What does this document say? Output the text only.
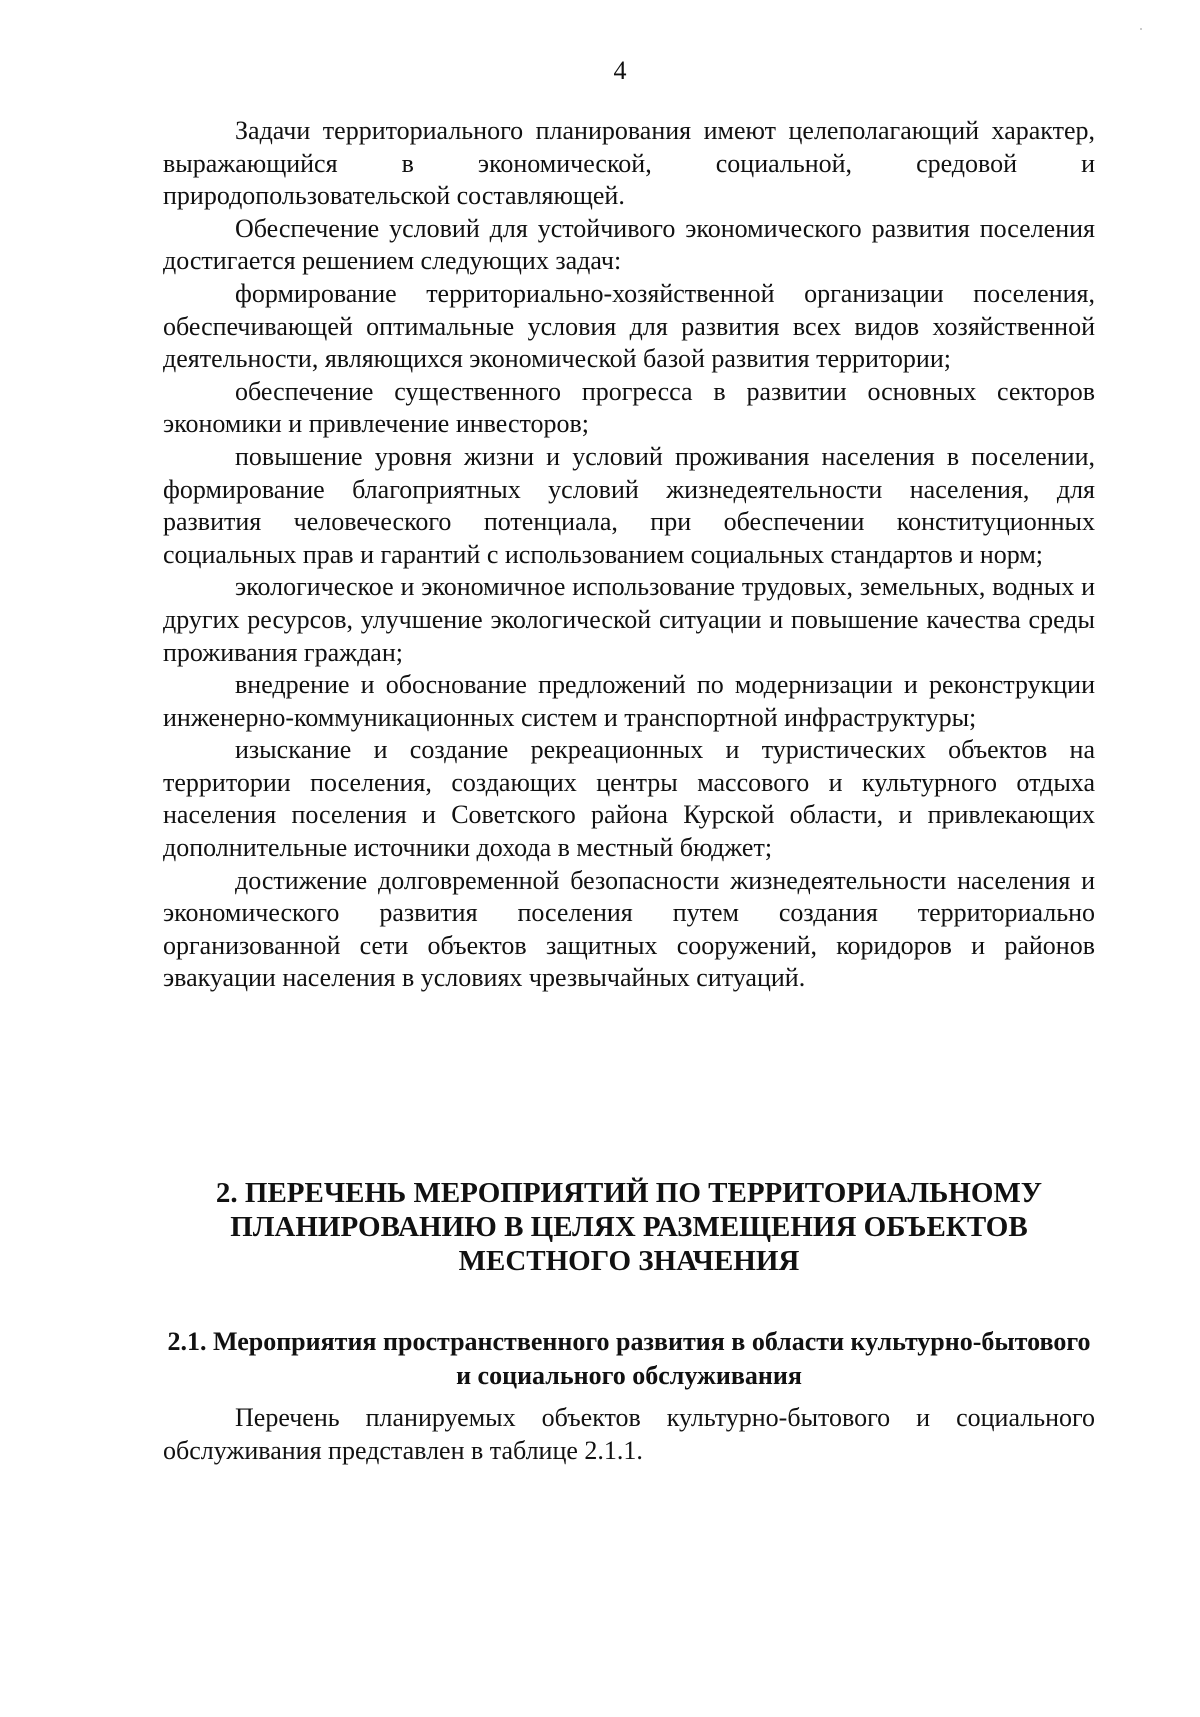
4

Задачи территориального планирования имеют целеполагающий характер, выражающийся в экономической, социальной, средовой и природопользовательской составляющей.

Обеспечение условий для устойчивого экономического развития поселения достигается решением следующих задач:

формирование территориально-хозяйственной организации поселения, обеспечивающей оптимальные условия для развития всех видов хозяйственной деятельности, являющихся экономической базой развития территории;

обеспечение существенного прогресса в развитии основных секторов экономики и привлечение инвесторов;

повышение уровня жизни и условий проживания населения в поселении, формирование благоприятных условий жизнедеятельности населения, для развития человеческого потенциала, при обеспечении конституционных социальных прав и гарантий с использованием социальных стандартов и норм;

экологическое и экономичное использование трудовых, земельных, водных и других ресурсов, улучшение экологической ситуации и повышение качества среды проживания граждан;

внедрение и обоснование предложений по модернизации и реконструкции инженерно-коммуникационных систем и транспортной инфраструктуры;

изыскание и создание рекреационных и туристических объектов на территории поселения, создающих центры массового и культурного отдыха населения поселения и Советского района Курской области, и привлекающих дополнительные источники дохода в местный бюджет;

достижение долговременной безопасности жизнедеятельности населения и экономического развития поселения путем создания территориально организованной сети объектов защитных сооружений, коридоров и районов эвакуации населения в условиях чрезвычайных ситуаций.

2. ПЕРЕЧЕНЬ МЕРОПРИЯТИЙ ПО ТЕРРИТОРИАЛЬНОМУ ПЛАНИРОВАНИЮ В ЦЕЛЯХ РАЗМЕЩЕНИЯ ОБЪЕКТОВ МЕСТНОГО ЗНАЧЕНИЯ
2.1. Мероприятия пространственного развития в области культурно-бытового и социального обслуживания

Перечень планируемых объектов культурно-бытового и социального обслуживания представлен в таблице 2.1.1.
